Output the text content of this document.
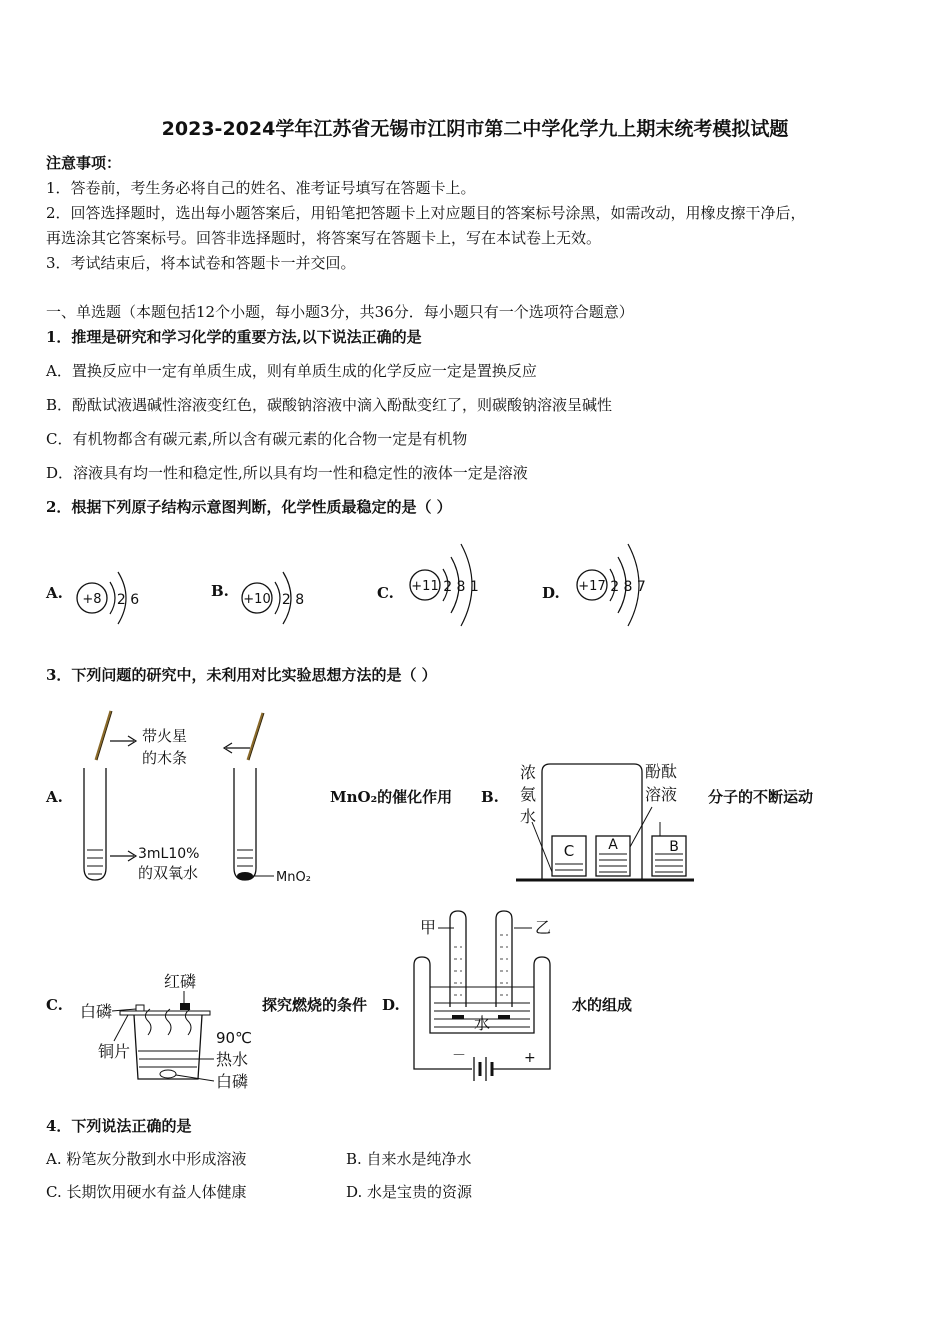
2023-2024学年江苏省无锡市江阴市第二中学化学九上期末统考模拟试题
注意事项：
1．答卷前，考生务必将自己的姓名、准考证号填写在答题卡上。
2．回答选择题时，选出每小题答案后，用铅笔把答题卡上对应题目的答案标号涂黑，如需改动，用橡皮擦干净后，
再选涂其它答案标号。回答非选择题时，将答案写在答题卡上，写在本试卷上无效。
3．考试结束后，将本试卷和答题卡一并交回。
一、单选题（本题包括12个小题，每小题3分，共36分．每小题只有一个选项符合题意）
1．推理是研究和学习化学的重要方法,以下说法正确的是
A．置换反应中一定有单质生成，则有单质生成的化学反应一定是置换反应
B．酚酞试液遇碱性溶液变红色，碳酸钠溶液中滴入酚酞变红了，则碳酸钠溶液呈碱性
C．有机物都含有碳元素,所以含有碳元素的化合物一定是有机物
D．溶液具有均一性和稳定性,所以具有均一性和稳定性的液体一定是溶液
2．根据下列原子结构示意图判断，化学性质最稳定的是（ ）
A. +8 2 6	B. +10 2 8	C. +11 2 8 1	D. +17 2 8 7
3．下列问题的研究中，未利用对比实验思想方法的是（ ）
A.
带火星
的木条
3mL10%
的双氧水	MnO₂
MnO₂的催化作用 B.
浓
氨
水
酚酞
溶液
C A	B
分子的不断运动
C.
红磷
白磷
铜片
90℃
热水
白磷
探究燃烧的条件 D.
甲	乙
水
－	+
水的组成
4．下列说法正确的是
A. 粉笔灰分散到水中形成溶液	B. 自来水是纯净水
C. 长期饮用硬水有益人体健康	D. 水是宝贵的资源
